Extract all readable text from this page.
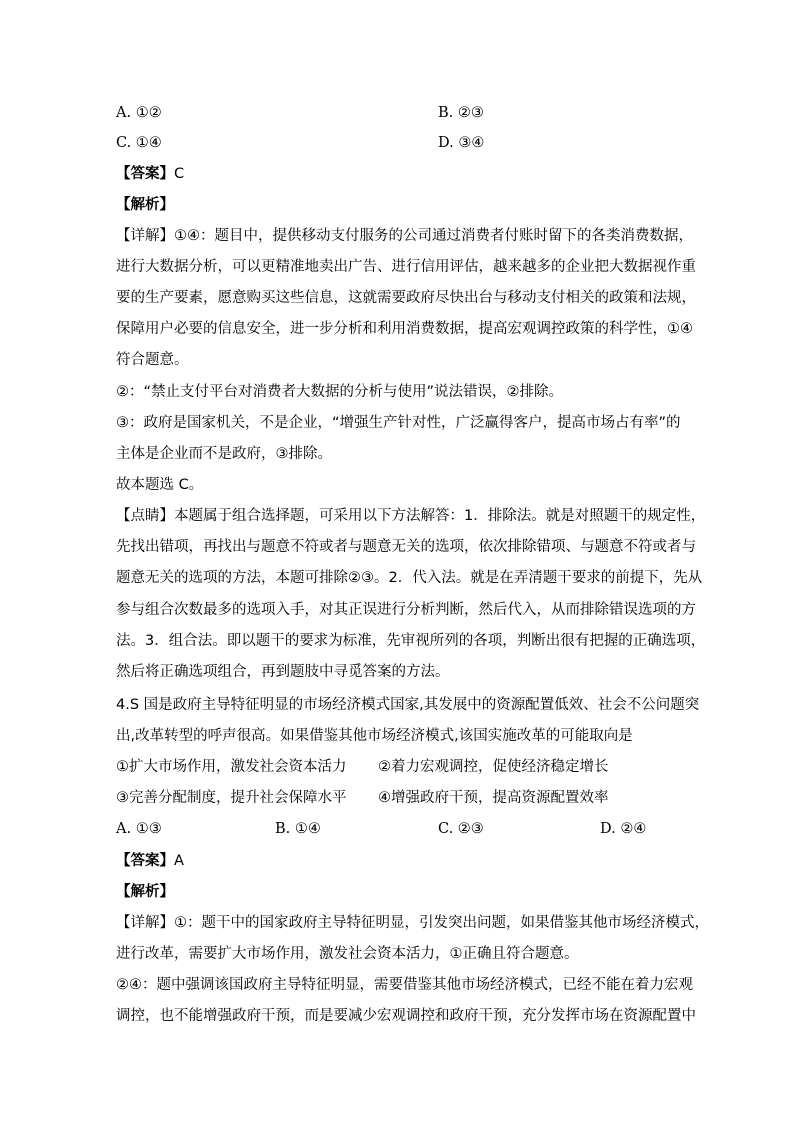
A. ①②	B. ②③
C. ①④	D. ③④
【答案】C
【解析】
【详解】①④：题目中，提供移动支付服务的公司通过消费者付账时留下的各类消费数据，
进行大数据分析，可以更精准地卖出广告、进行信用评估，越来越多的企业把大数据视作重
要的生产要素，愿意购买这些信息，这就需要政府尽快出台与移动支付相关的政策和法规，
保障用户必要的信息安全，进一步分析和利用消费数据，提高宏观调控政策的科学性，①④
符合题意。
②：“禁止支付平台对消费者大数据的分析与使用”说法错误，②排除。
③：政府是国家机关，不是企业，“增强生产针对性，广泛赢得客户，提高市场占有率”的
主体是企业而不是政府，③排除。
故本题选 C。
【点睛】本题属于组合选择题，可采用以下方法解答：1．排除法。就是对照题干的规定性，
先找出错项，再找出与题意不符或者与题意无关的选项，依次排除错项、与题意不符或者与
题意无关的选项的方法，本题可排除②③。2．代入法。就是在弄清题干要求的前提下，先从
参与组合次数最多的选项入手，对其正误进行分析判断，然后代入，从而排除错误选项的方
法。3．组合法。即以题干的要求为标准，先审视所列的各项，判断出很有把握的正确选项，
然后将正确选项组合，再到题肢中寻觅答案的方法。
4.S 国是政府主导特征明显的市场经济模式国家,其发展中的资源配置低效、社会不公问题突
出,改革转型的呼声很高。如果借鉴其他市场经济模式,该国实施改革的可能取向是
①扩大市场作用，激发社会资本活力 ②着力宏观调控，促使经济稳定增长
③完善分配制度，提升社会保障水平 ④增强政府干预，提高资源配置效率
A. ①③	B. ①④	C. ②③	D. ②④
【答案】A
【解析】
【详解】①：题干中的国家政府主导特征明显，引发突出问题，如果借鉴其他市场经济模式，
进行改革，需要扩大市场作用，激发社会资本活力，①正确且符合题意。
②④：题中强调该国政府主导特征明显，需要借鉴其他市场经济模式，已经不能在着力宏观
调控，也不能增强政府干预，而是要减少宏观调控和政府干预，充分发挥市场在资源配置中
